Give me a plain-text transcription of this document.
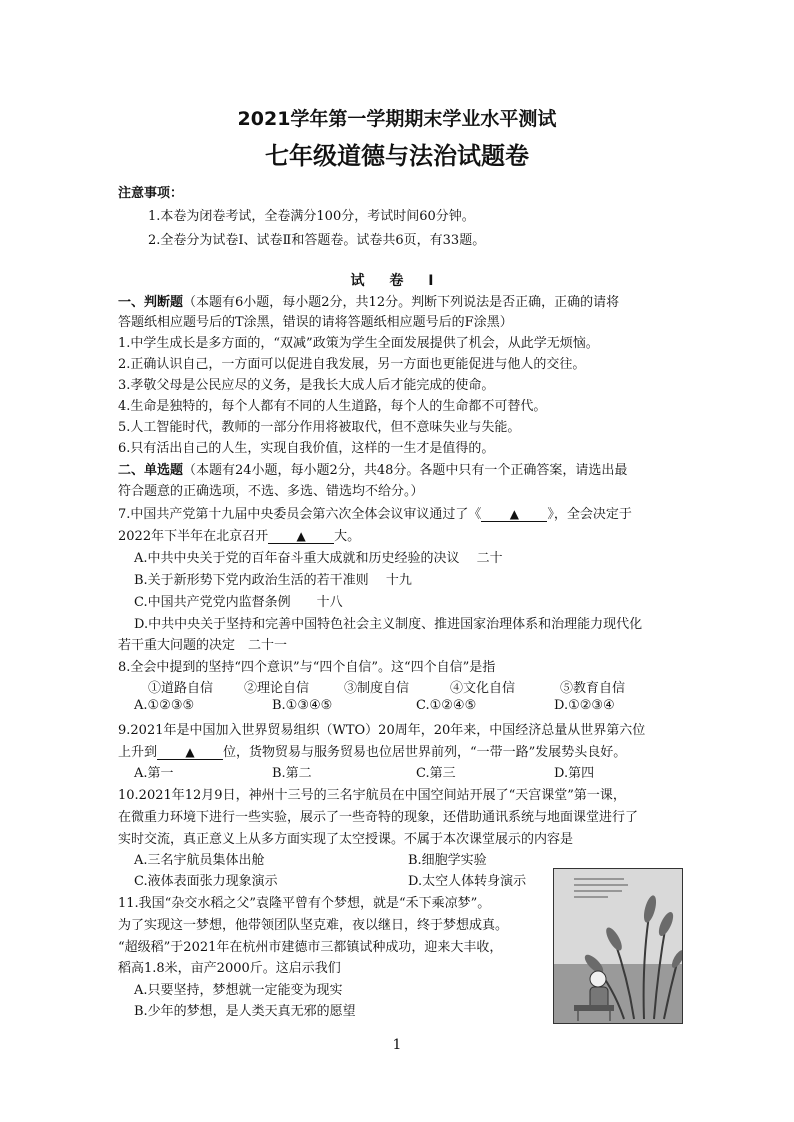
2021学年第一学期期末学业水平测试
七年级道德与法治试题卷
注意事项：
1.本卷为闭卷考试，全卷满分100分，考试时间60分钟。
2.全卷分为试卷Ⅰ、试卷Ⅱ和答题卷。试卷共6页，有33题。
试 卷 Ⅰ
一、判断题（本题有6小题，每小题2分，共12分。判断下列说法是否正确，正确的请将
答题纸相应题号后的T涂黑，错误的请将答题纸相应题号后的F涂黑）
1.中学生成长是多方面的，“双减”政策为学生全面发展提供了机会，从此学无烦恼。
2.正确认识自己，一方面可以促进自我发展，另一方面也更能促进与他人的交往。
3.孝敬父母是公民应尽的义务，是我长大成人后才能完成的使命。
4.生命是独特的，每个人都有不同的人生道路，每个人的生命都不可替代。
5.人工智能时代，教师的一部分作用将被取代，但不意味失业与失能。
6.只有活出自己的人生，实现自我价值，这样的一生才是值得的。
二、单选题（本题有24小题，每小题2分，共48分。各题中只有一个正确答案，请选出最
符合题意的正确选项，不选、多选、错选均不给分。）
7.中国共产党第十九届中央委员会第六次全体会议审议通过了《 ▲	》，全会决定于
2022年下半年在北京召开 ▲	大。
A.中共中央关于党的百年奋斗重大成就和历史经验的决议　 二十
B.关于新形势下党内政治生活的若干准则　 十九
C.中国共产党党内监督条例　　十八
D.中共中央关于坚持和完善中国特色社会主义制度、推进国家治理体系和治理能力现代化
若干重大问题的决定　二十一
8.全会中提到的坚持“四个意识”与“四个自信”。这“四个自信”是指
①道路自信 ②理论自信	③制度自信	④文化自信	⑤教育自信
A.①②③⑤	B.①③④⑤	C.①②④⑤	D.①②③④
9.2021年是中国加入世界贸易组织（WTO）20周年，20年来，中国经济总量从世界第六位
上升到 ▲	位，货物贸易与服务贸易也位居世界前列，“一带一路”发展势头良好。
A.第一	B.第二	C.第三	D.第四
10.2021年12月9日，神州十三号的三名宇航员在中国空间站开展了“天宫课堂”第一课，
在微重力环境下进行一些实验，展示了一些奇特的现象，还借助通讯系统与地面课堂进行了
实时交流，真正意义上从多方面实现了太空授课。不属于本次课堂展示的内容是
A.三名宇航员集体出舱	B.细胞学实验
C.液体表面张力现象演示	D.太空人体转身演示
11.我国“杂交水稻之父”袁隆平曾有个梦想，就是“禾下乘凉梦”。
为了实现这一梦想，他带领团队坚克难，夜以继日，终于梦想成真。
“超级稻”于2021年在杭州市建德市三都镇试种成功，迎来大丰收，
稻高1.8米，亩产2000斤。这启示我们
A.只要坚持，梦想就一定能变为现实
B.少年的梦想，是人类天真无邪的愿望
1
